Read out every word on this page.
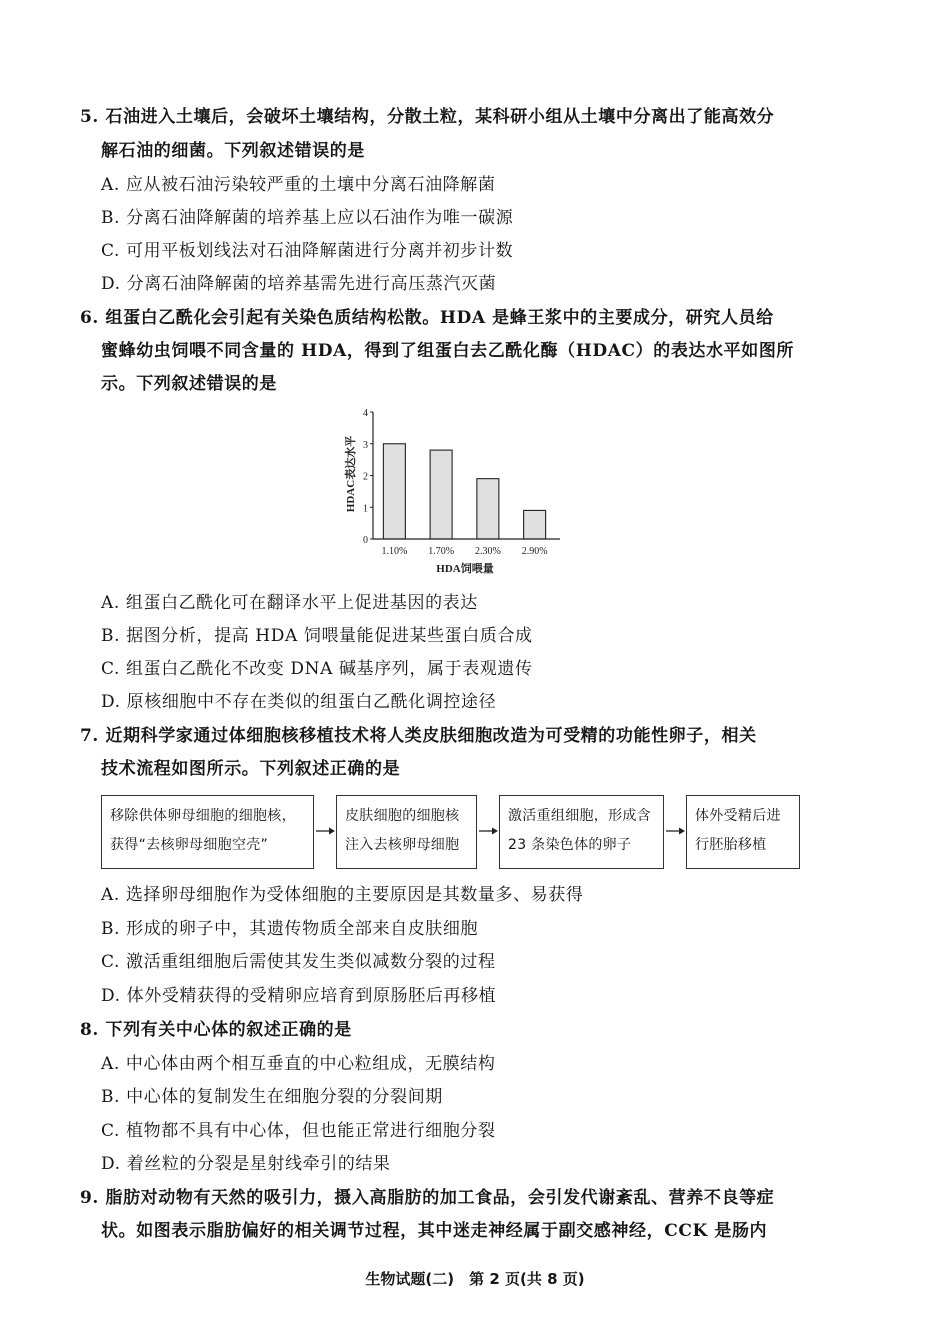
5. 石油进入土壤后，会破坏土壤结构，分散土粒，某科研小组从土壤中分离出了能高效分
解石油的细菌。下列叙述错误的是
A. 应从被石油污染较严重的土壤中分离石油降解菌
B. 分离石油降解菌的培养基上应以石油作为唯一碳源
C. 可用平板划线法对石油降解菌进行分离并初步计数
D. 分离石油降解菌的培养基需先进行高压蒸汽灭菌
6. 组蛋白乙酰化会引起有关染色质结构松散。HDA 是蜂王浆中的主要成分，研究人员给
蜜蜂幼虫饲喂不同含量的 HDA，得到了组蛋白去乙酰化酶（HDAC）的表达水平如图所
示。下列叙述错误的是
0
1
2
3
4
1.10% 1.70% 2.30% 2.90%
HDAC表达水平
HDA饲喂量
A. 组蛋白乙酰化可在翻译水平上促进基因的表达
B. 据图分析，提高 HDA 饲喂量能促进某些蛋白质合成
C. 组蛋白乙酰化不改变 DNA 碱基序列，属于表观遗传
D. 原核细胞中不存在类似的组蛋白乙酰化调控途径
7. 近期科学家通过体细胞核移植技术将人类皮肤细胞改造为可受精的功能性卵子，相关
技术流程如图所示。下列叙述正确的是
移除供体卵母细胞的细胞核，
获得“去核卵母细胞空壳”
皮肤细胞的细胞核
注入去核卵母细胞
激活重组细胞，形成含
23 条染色体的卵子
体外受精后进
行胚胎移植
A. 选择卵母细胞作为受体细胞的主要原因是其数量多、易获得
B. 形成的卵子中，其遗传物质全部来自皮肤细胞
C. 激活重组细胞后需使其发生类似减数分裂的过程
D. 体外受精获得的受精卵应培育到原肠胚后再移植
8. 下列有关中心体的叙述正确的是
A. 中心体由两个相互垂直的中心粒组成，无膜结构
B. 中心体的复制发生在细胞分裂的分裂间期
C. 植物都不具有中心体，但也能正常进行细胞分裂
D. 着丝粒的分裂是星射线牵引的结果
9. 脂肪对动物有天然的吸引力，摄入高脂肪的加工食品，会引发代谢紊乱、营养不良等症
状。如图表示脂肪偏好的相关调节过程，其中迷走神经属于副交感神经，CCK 是肠内
生物试题(二)　第 2 页(共 8 页)
